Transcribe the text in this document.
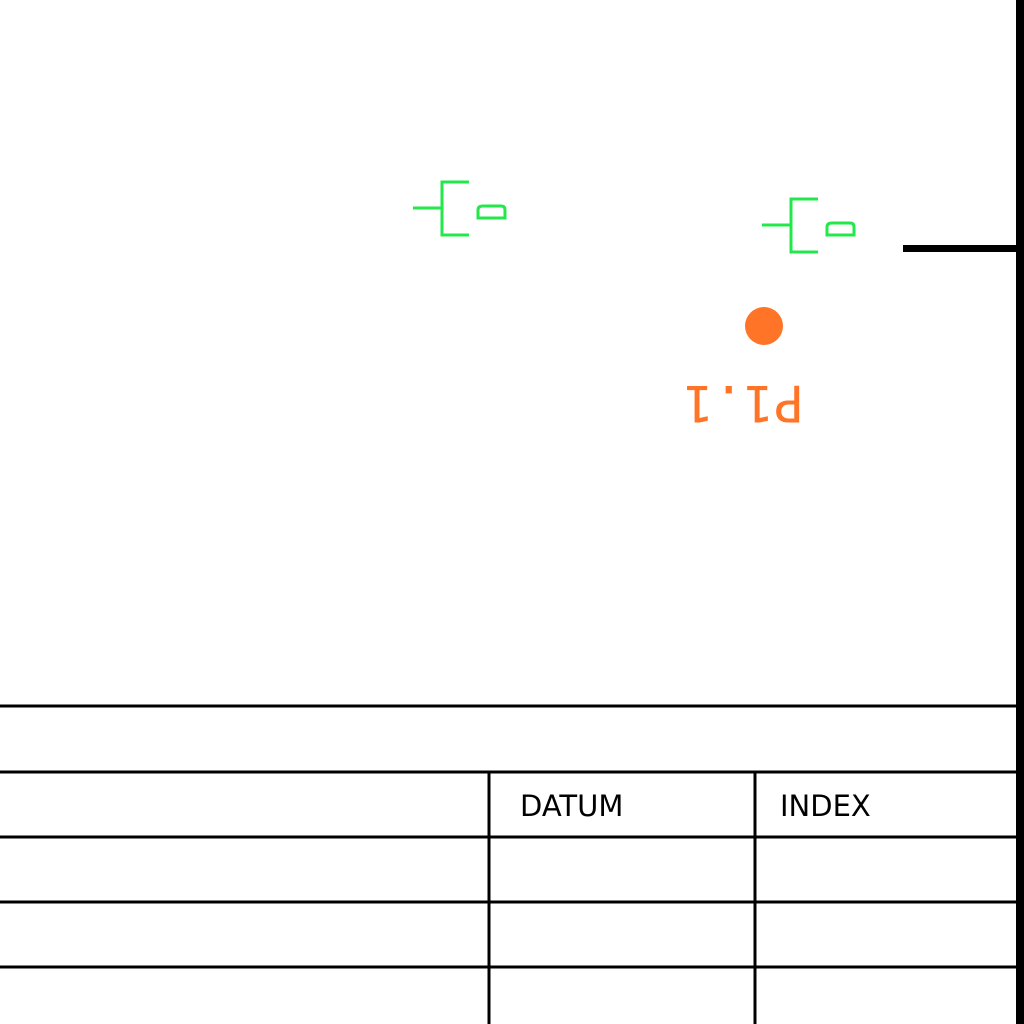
P1.1
DATUM	INDEX
